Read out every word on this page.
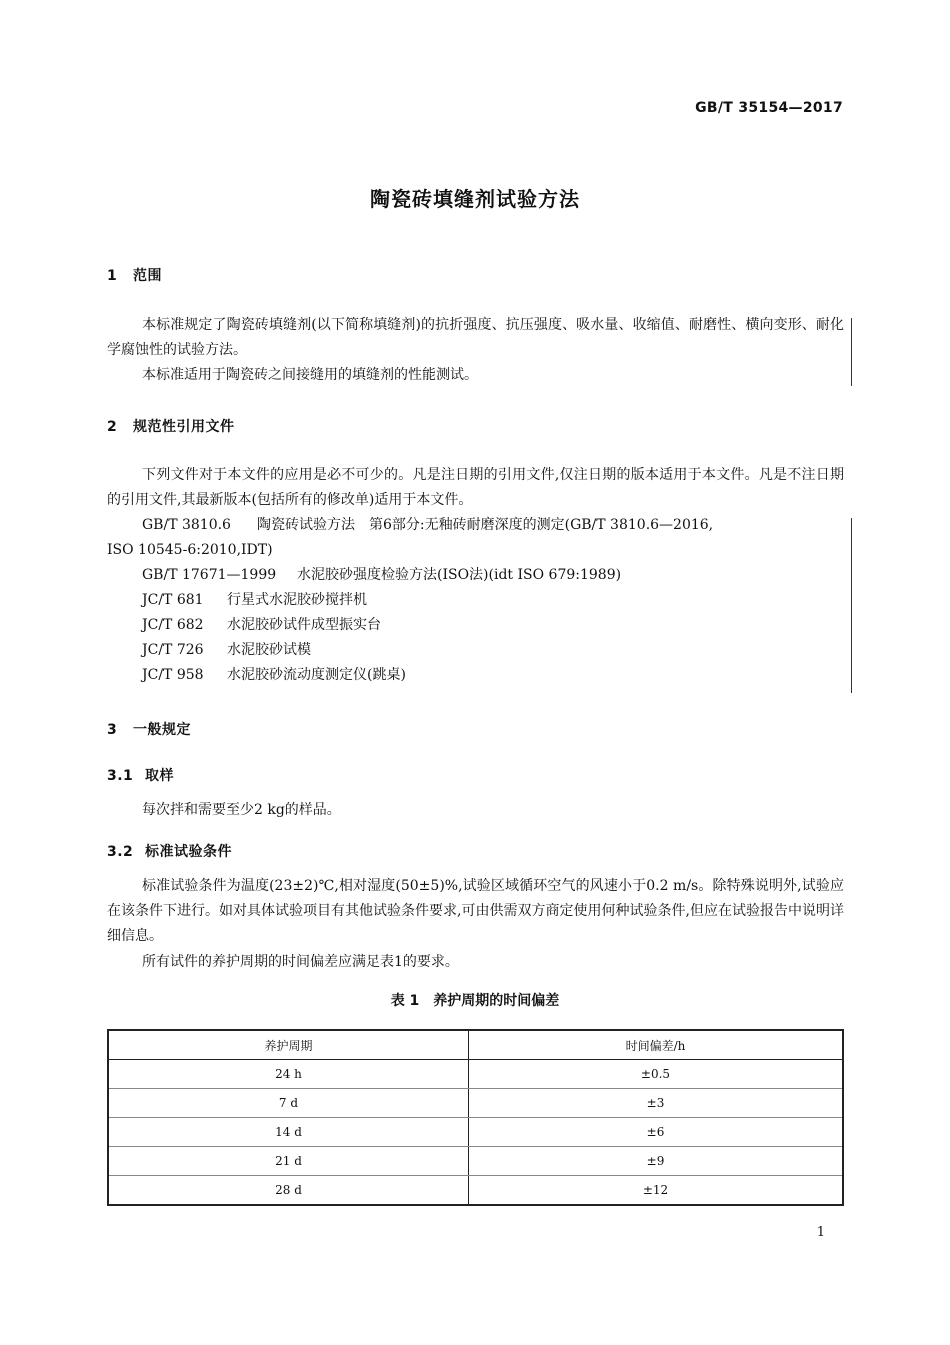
GB/T 35154—2017
陶瓷砖填缝剂试验方法
1 范围
本标准规定了陶瓷砖填缝剂(以下简称填缝剂)的抗折强度、抗压强度、吸水量、收缩值、耐磨性、横向变形、耐化学腐蚀性的试验方法。
本标准适用于陶瓷砖之间接缝用的填缝剂的性能测试。
2 规范性引用文件
下列文件对于本文件的应用是必不可少的。凡是注日期的引用文件,仅注日期的版本适用于本文件。凡是不注日期的引用文件,其最新版本(包括所有的修改单)适用于本文件。
GB/T 3810.6 陶瓷砖试验方法　第6部分:无釉砖耐磨深度的测定(GB/T 3810.6—2016,
ISO 10545-6:2010,IDT)
GB/T 17671—1999 水泥胶砂强度检验方法(ISO法)(idt ISO 679:1989)
JC/T 681 行星式水泥胶砂搅拌机
JC/T 682 水泥胶砂试件成型振实台
JC/T 726 水泥胶砂试模
JC/T 958 水泥胶砂流动度测定仪(跳桌)
3 一般规定
3.1 取样
每次拌和需要至少2 kg的样品。
3.2 标准试验条件
标准试验条件为温度(23±2)℃,相对湿度(50±5)%,试验区域循环空气的风速小于0.2 m/s。除特殊说明外,试验应在该条件下进行。如对具体试验项目有其他试验条件要求,可由供需双方商定使用何种试验条件,但应在试验报告中说明详细信息。
所有试件的养护周期的时间偏差应满足表1的要求。
表 1　养护周期的时间偏差
养护周期	时间偏差/h
24 h	±0.5
7 d	±3
14 d	±6
21 d	±9
28 d	±12
1
